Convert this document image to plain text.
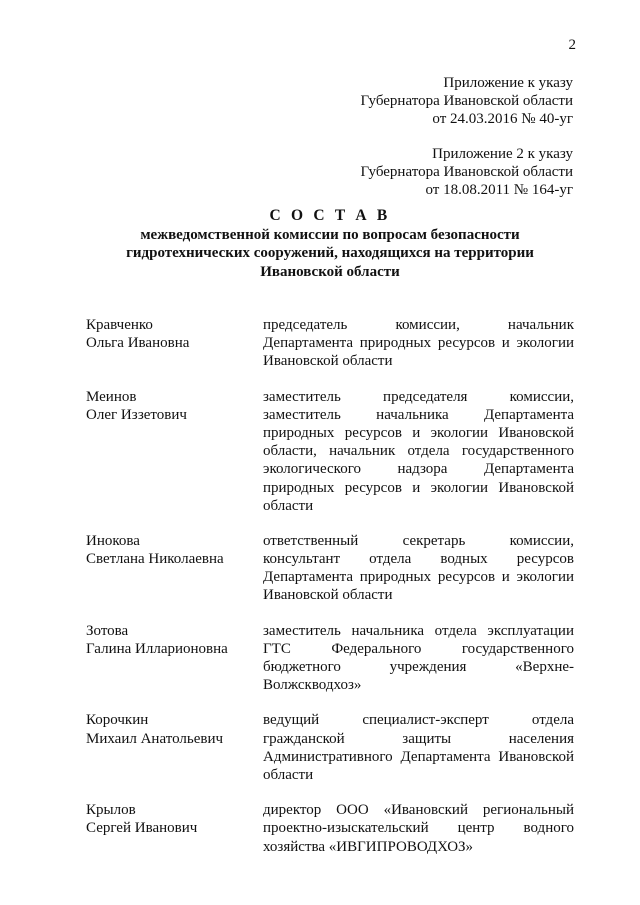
2
Приложение к указу
Губернатора Ивановской области
от 24.03.2016 № 40-уг
Приложение 2 к указу
Губернатора Ивановской области
от 18.08.2011 № 164-уг
С О С Т А В
межведомственной комиссии по вопросам безопасности
гидротехнических сооружений, находящихся на территории
Ивановской области
Кравченко
Ольга Ивановна
председатель комиссии, начальник
Департамента природных ресурсов и экологии
Ивановской области
Меинов
Олег Иззетович
заместитель председателя комиссии,
заместитель начальника Департамента
природных ресурсов и экологии Ивановской
области, начальник отдела государственного
экологического надзора Департамента
природных ресурсов и экологии Ивановской
области
Инокова
Светлана Николаевна
ответственный секретарь комиссии,
консультант отдела водных ресурсов
Департамента природных ресурсов и экологии
Ивановской области
Зотова
Галина Илларионовна
заместитель начальника отдела эксплуатации
ГТС Федерального государственного
бюджетного учреждения «Верхне-
Волжскводхоз»
Корочкин
Михаил Анатольевич
ведущий специалист-эксперт отдела
гражданской защиты населения
Административного Департамента Ивановской
области
Крылов
Сергей Иванович
директор ООО «Ивановский региональный
проектно-изыскательский центр водного
хозяйства «ИВГИПРОВОДХОЗ»
